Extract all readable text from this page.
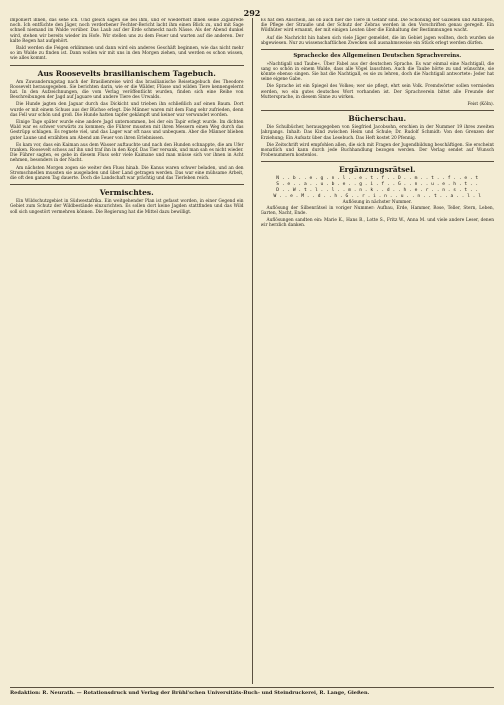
292

imponiert ihnen, das sehe ich. Und gleich sagen sie bei ihm, und er wiederholt ihnen seine Ziganrede noch. Ich entfüchte den Jäger, noch verderbener Fechter-Bericht lacht ihm einen Blick zu, und mit Sage schnell niemand im Walde vorüber. Das Laub auf der Erde schmeckt nach Nässe. Als der Abend dunkel wird, stehen wir bereits wieder im Hofe. Wir stellen uns zu dem Feuer und warten auf die anderen. Der kalte Regen hat aufgehört.

Bald werden die Feigen erklimmen und dann wird ein anderes Geschäft beginnen, wie das nicht mehr so im Walde zu finden ist. Dann wollen wir mit uns in den Morgen ziehen, und werden es schon wissen, wie alles kommt.

Aus Roosevelts brasilianischem Tagebuch.

Am Zuwanderungstag nach der Brasilienreise wird das brasilianische Reisetagebuch des Theodore Roosevelt herausgegeben. Sie berichten darin, wie er die Wälder, Flüsse und wilden Tiere kennengelernt hat. In den Aufzeichnungen, die vom Verlag veröffentlicht wurden, finden sich eine Reihe von Beschreibungen der Jagd auf Jaguare und andere Tiere des Urwalds.

Die Hunde jagten den Jaguar durch das Dickicht und trieben ihn schließlich auf einen Baum. Dort wurde er mit einem Schuss aus der Büchse erlegt. Die Männer waren mit dem Fang sehr zufrieden, denn das Fell war schön und groß. Die Hunde hatten tapfer gekämpft und keiner war verwundet worden.

Einige Tage später wurde eine andere Jagd unternommen, bei der ein Tapir erlegt wurde. Im dichten Wald war es schwer vorwärts zu kommen; die Führer mussten mit ihren Messern einen Weg durch das Gestrüpp schlagen. Es regnete viel, und das Lager war oft nass und unbequem. Aber die Männer blieben guter Laune und erzählten am Abend am Feuer von ihren Erlebnissen.

Es kam vor, dass ein Kaiman aus dem Wasser auftauchte und nach den Hunden schnappte, die am Ufer tranken. Roosevelt schoss auf ihn und traf ihn in den Kopf. Das Tier versank, und man sah es nicht wieder. Die Führer sagten, es gebe in diesem Fluss sehr viele Kaimane und man müsse sich vor ihnen in Acht nehmen, besonders in der Nacht.

Am nächsten Morgen zogen sie weiter den Fluss hinab. Die Kanus waren schwer beladen, und an den Stromschnellen mussten sie ausgeladen und über Land getragen werden. Das war eine mühsame Arbeit, die oft den ganzen Tag dauerte. Doch die Landschaft war prächtig und das Tierleben reich.

Vermischtes.

Ein Wildschutzgebiet in Südwestafrika. Ein weitgehender Plan ist gefasst worden, in einer Gegend ein Gebiet zum Schutz der Wildbestände einzurichten. Es sollen dort keine Jagden stattfinden und das Wild soll sich ungestört vermehren können. Die Regierung hat die Mittel dazu bewilligt.

Es hat den Anschein, als ob auch hier die Tiere in Gefahr sind. Die Schonung der Gazellen und Antilopen, die Pflege der Strauße und der Schutz der Zebras werden in den Vorschriften genau geregelt. Ein Wildhüter wird ernannt, der mit einigen Leuten über die Einhaltung der Bestimmungen wacht.

Auf die Nachricht hin haben sich viele Jäger gemeldet, die im Gebiet jagen wollten, doch wurden sie abgewiesen. Nur zu wissenschaftlichen Zwecken soll ausnahmsweise ein Stück erlegt werden dürfen.

Sprachecke des Allgemeinen Deutschen Sprachvereins.

»Nachtigall und Taube«. Über Fabel aus der deutschen Sprache. Es war einmal eine Nachtigall, die sang so schön in einem Walde, dass alle Vögel lauschten. Auch die Taube hörte zu und wünschte, sie könnte ebenso singen. Sie bat die Nachtigall, es sie zu lehren, doch die Nachtigall antwortete: Jeder hat seine eigene Gabe.

Die Sprache ist ein Spiegel des Volkes; wer sie pflegt, ehrt sein Volk. Fremdwörter sollen vermieden werden, wo ein gutes deutsches Wort vorhanden ist. Der Sprachverein bittet alle Freunde der Muttersprache, in diesem Sinne zu wirken.

Feist (Köln).
Bücherschau.

Die Schulbücher, herausgegeben von Siegfried Jacobsohn, erschien in der Nummer 19 ihres zweiten Jahrgangs. Inhalt: Das Kind zwischen Heim und Schule; Dr. Rudolf Schmidt: Von den Grenzen der Erziehung; Ein Aufsatz über das Lesebuch. Das Heft kostet 20 Pfennig.

Die Zeitschrift wird empfohlen allen, die sich mit Fragen der Jugendbildung beschäftigen. Sie erscheint monatlich und kann durch jede Buchhandlung bezogen werden. Der Verlag sendet auf Wunsch Probenummern kostenlos.

Ergänzungsrätsel.
N . . b . . e . g . n . l . . e . t . f . . D . . m . . t . . f . . e . t
S . e . . a . . u . b . e . . g . i . f . . G . . n . . u . e . h . t . .
D . . W . t . l . . l . . m . n . k . . d . . h . e . r . . n . s . t . .
W . . e . M . . d . . h . G . . r . i . n . . u . . n . . t . . a . . l . l
Auflösung in nächster Nummer.

Auflösung der Silbenrätsel in voriger Nummer: Aufbau, Erde, Hammer, Rose, Teller, Stern, Leben, Garten, Nacht, Ende.

Auflösungen sandten ein: Marie K., Hans B., Lotte S., Fritz W., Anna M. und viele andere Leser, denen wir herzlich danken.

Redaktion: R. Neurath. — Rotationsdruck und Verlag der Brühl'schen Universitäts-Buch- und Steindruckerei, R. Lange, Gießen.
